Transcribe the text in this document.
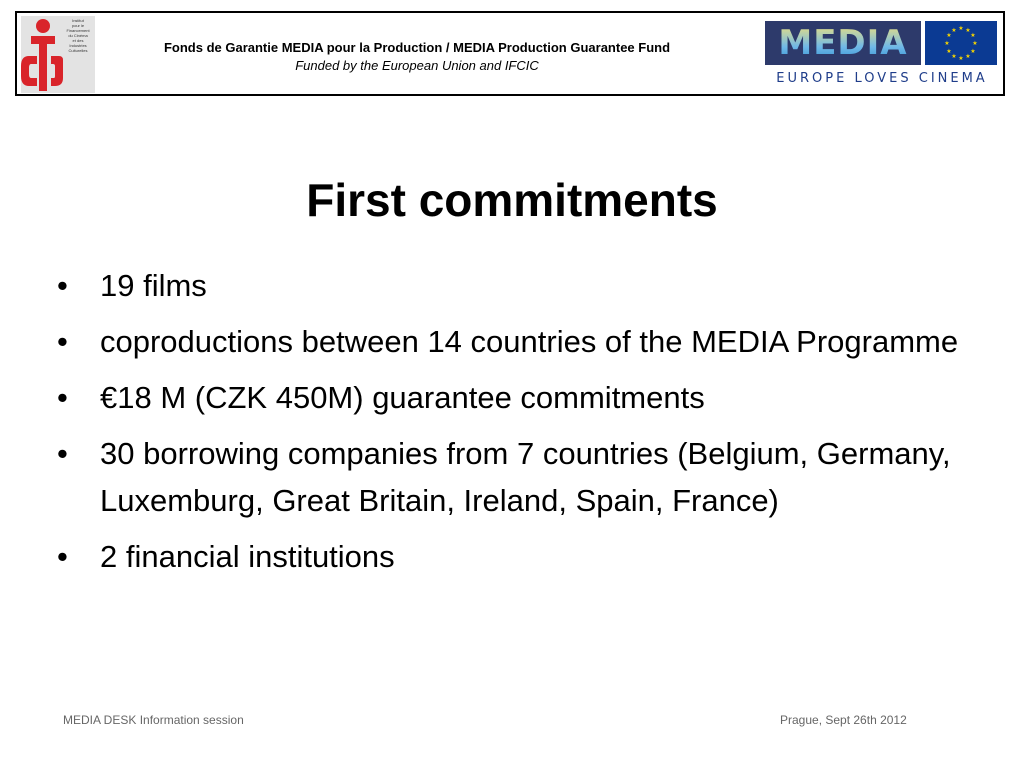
Institut
pour le
Financement
du Cinéma
et des
Industries
Culturelles	Fonds de Garantie MEDIA pour la Production / MEDIA Production Guarantee Fund
Funded by the European Union and IFCIC
MEDIA	★ ★
★
★
★
★
★
★
★
★
★
★
EUROPE LOVES CINEMA
First commitments
• 19 films
• coproductions between 14 countries of the MEDIA Programme
• €18 M (CZK 450M) guarantee commitments
• 30 borrowing companies from 7 countries (Belgium, Germany, Luxemburg, Great Britain, Ireland, Spain, France)
• 2 financial institutions
MEDIA DESK Information session	Prague, Sept 26th 2012
